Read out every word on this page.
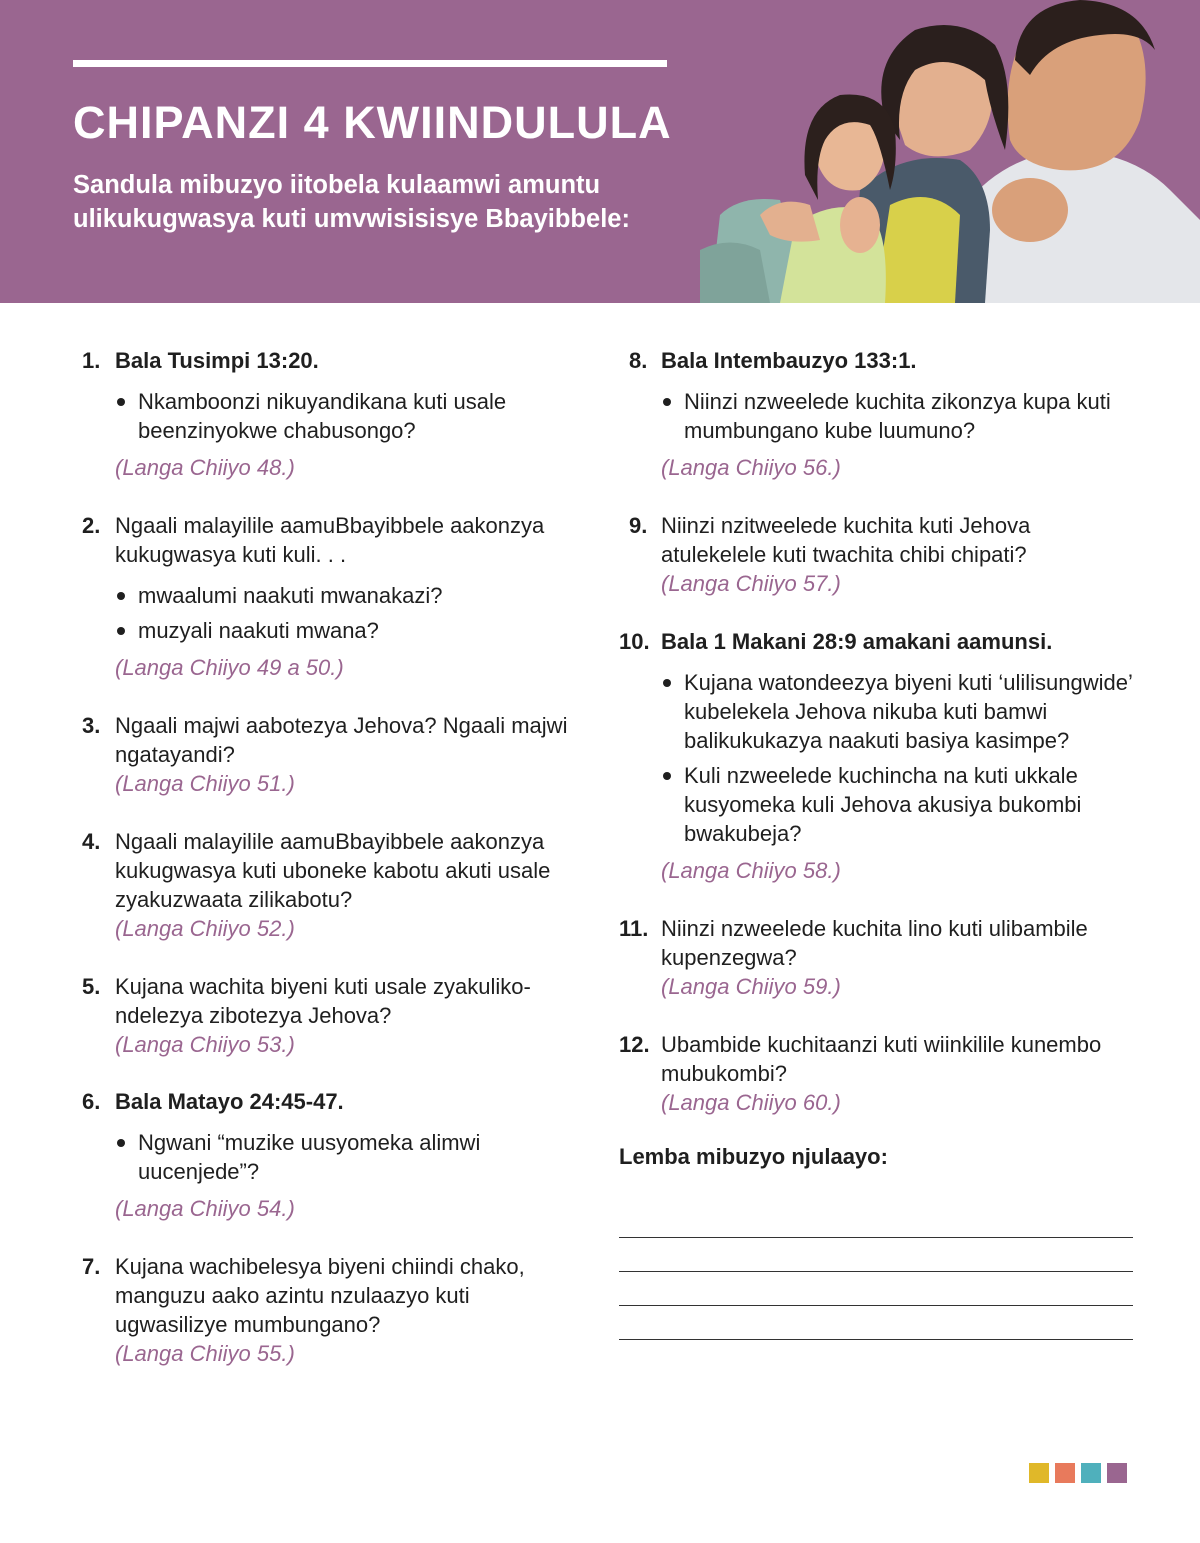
CHIPANZI 4 KWIINDULULA

Sandula mibuzyo iitobela kulaamwi amuntu ulikukugwasya kuti umvwisisisye Bbayibbele:

1. Bala Tusimpi 13:20.
Nkamboonzi nikuyandikana kuti usale beenzinyokwe chabusongo?
(Langa Chiiyo 48.)
2. Ngaali malayilile aamuBbayibbele aakonzya kukugwasya kuti kuli. . .
mwaalumi naakuti mwanakazi?
muzyali naakuti mwana?
(Langa Chiiyo 49 a 50.)
3. Ngaali majwi aabotezya Jehova? Ngaali majwi ngatayandi?
(Langa Chiiyo 51.)
4. Ngaali malayilile aamuBbayibbele aakonzya kukugwasya kuti uboneke kabotu akuti usale zyakuzwaata zilikabotu?
(Langa Chiiyo 52.)
5. Kujana wachita biyeni kuti usale zyakulikondelezya zibotezya Jehova?
(Langa Chiiyo 53.)
6. Bala Matayo 24:45-47.
Ngwani “muzike uusyomeka alimwi uucenjede”?
(Langa Chiiyo 54.)
7. Kujana wachibelesya biyeni chiindi chako, manguzu aako azintu nzulaazyo kuti ugwasilizye mumbungano?
(Langa Chiiyo 55.)
8. Bala Intembauzyo 133:1.
Niinzi nzweelede kuchita zikonzya kupa kuti mumbungano kube luumuno?
(Langa Chiiyo 56.)
9. Niinzi nzitweelede kuchita kuti Jehova atulekelele kuti twachita chibi chipati?
(Langa Chiiyo 57.)
10. Bala 1 Makani 28:9 amakani aamunsi.
Kujana watondeezya biyeni kuti ‘ulilisungwide’ kubelekela Jehova nikuba kuti bamwi balikukukazya naakuti basiya kasimpe?
Kuli nzweelede kuchincha na kuti ukkale kusyomeka kuli Jehova akusiya bukombi bwakubeja?
(Langa Chiiyo 58.)
11. Niinzi nzweelede kuchita lino kuti ulibambile kupenzegwa?
(Langa Chiiyo 59.)
12. Ubambide kuchitaanzi kuti wiinkilile kunembo mubukombi?
(Langa Chiiyo 60.)
Lemba mibuzyo njulaayo:
